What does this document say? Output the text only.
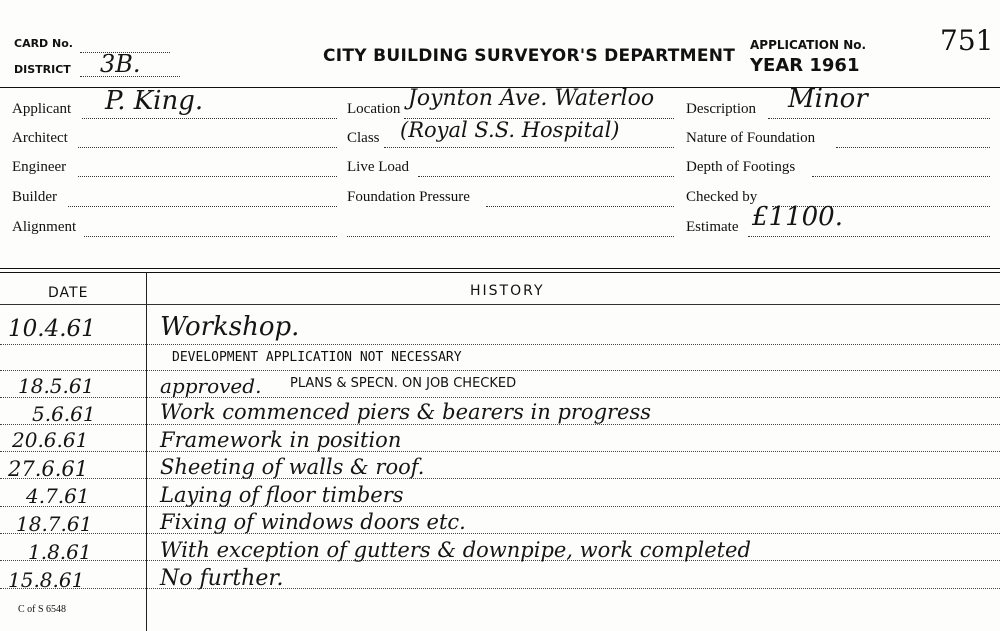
CARD No.
DISTRICT 3B.	CITY BUILDING SURVEYOR'S DEPARTMENT
APPLICATION No.	751
YEAR 1961
Applicant P. King.
Architect
Engineer
Builder
Alignment
Location Joynton Ave. Waterloo
Class (Royal S.S. Hospital)
Live Load
Foundation Pressure
Description Minor
Nature of Foundation
Depth of Footings
Checked by
Estimate £1100.
DATE	HISTORY
10.4.61 Workshop.
DEVELOPMENT APPLICATION NOT NECESSARY
18.5.61	approved. PLANS & SPECN. ON JOB CHECKED
5.6.61	Work commenced piers & bearers in progress
20.6.61	Framework in position
27.6.61	Sheeting of walls & roof.
4.7.61	Laying of floor timbers
18.7.61	Fixing of windows doors etc.
1.8.61	With exception of gutters & downpipe, work completed
15.8.61	No further.
C of S 6548
